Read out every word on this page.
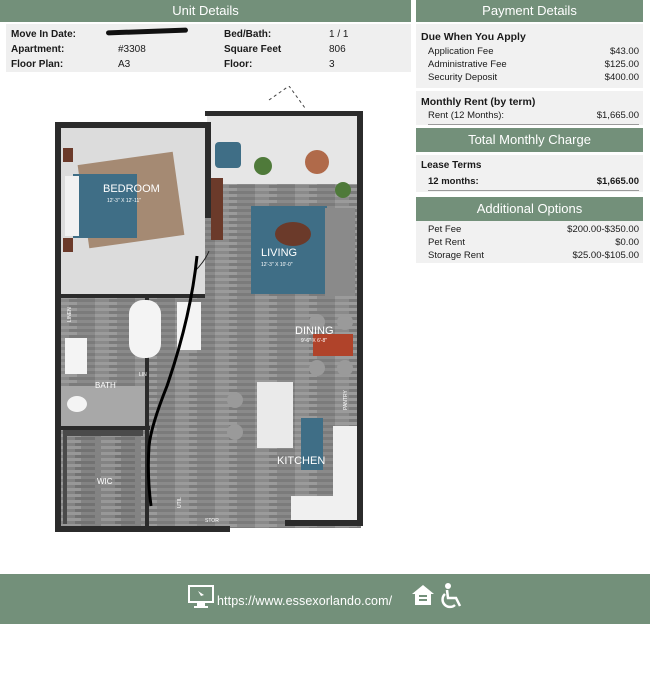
Unit Details	Payment Details
Move In Date:
Apartment:	#3308
Floor Plan:	A3
Bed/Bath:	1 / 1
Square Feet	806
Floor:	3
Due When You Apply
Application Fee	$43.00
Administrative Fee	$125.00
Security Deposit	$400.00
Monthly Rent (by term)
Rent (12 Months):	$1,665.00
Total Monthly Charge
Lease Terms
12 months:	$1,665.00
Additional Options
Pet Fee	$200.00-$350.00
Pet Rent	$0.00
Storage Rent	$25.00-$105.00
BEDROOM
12'-3" X 12'-11"
LIVING
12'-3" X 10'-0"
DINING
9'-6" X 6'-8"
KITCHEN
BATH
WIC
LINEN
LIN
UTIL
PANTRY
STOR
https://www.essexorlando.com/
